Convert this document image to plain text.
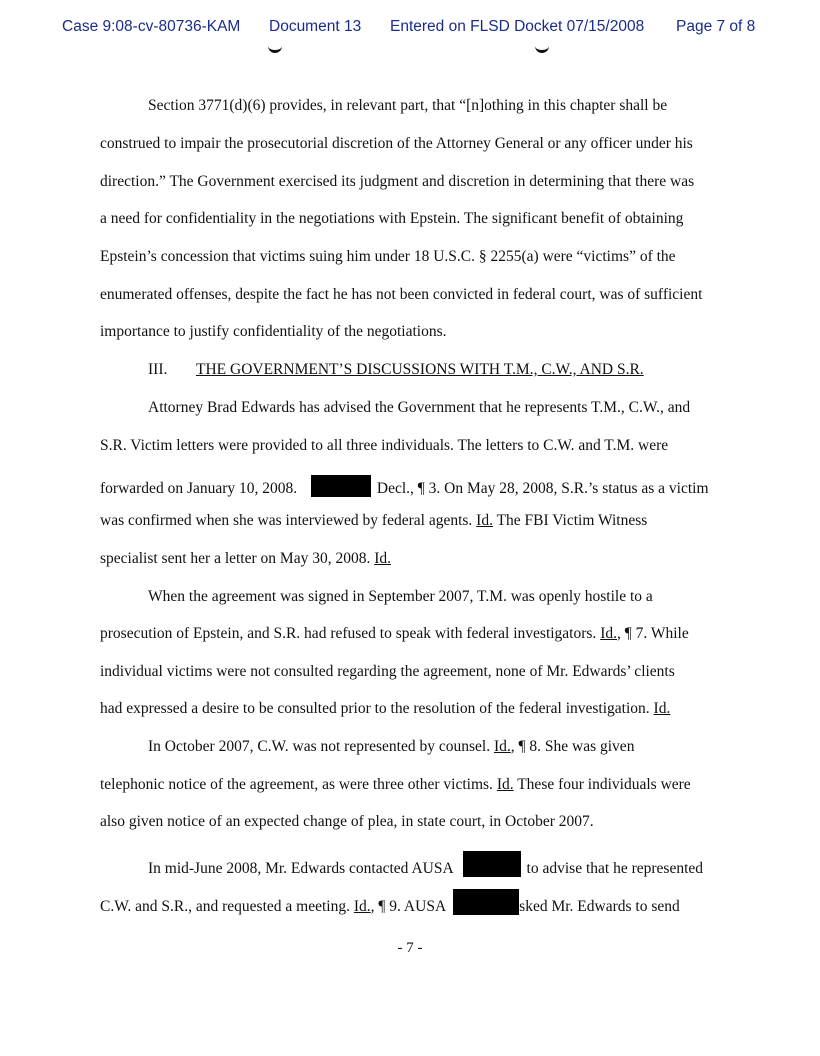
Case 9:08-cv-80736-KAM Document 13 Entered on FLSD Docket 07/15/2008 Page 7 of 8
Section 3771(d)(6) provides, in relevant part, that “[n]othing in this chapter shall be
construed to impair the prosecutorial discretion of the Attorney General or any officer under his
direction.” The Government exercised its judgment and discretion in determining that there was
a need for confidentiality in the negotiations with Epstein. The significant benefit of obtaining
Epstein’s concession that victims suing him under 18 U.S.C. § 2255(a) were “victims” of the
enumerated offenses, despite the fact he has not been convicted in federal court, was of sufficient
importance to justify confidentiality of the negotiations.
III. THE GOVERNMENT’S DISCUSSIONS WITH T.M., C.W., AND S.R.
Attorney Brad Edwards has advised the Government that he represents T.M., C.W., and
S.R. Victim letters were provided to all three individuals. The letters to C.W. and T.M. were
forwarded on January 10, 2008.	Decl., ¶ 3. On May 28, 2008, S.R.’s status as a victim
was confirmed when she was interviewed by federal agents. Id. The FBI Victim Witness
specialist sent her a letter on May 30, 2008. Id.
When the agreement was signed in September 2007, T.M. was openly hostile to a
prosecution of Epstein, and S.R. had refused to speak with federal investigators. Id., ¶ 7. While
individual victims were not consulted regarding the agreement, none of Mr. Edwards’ clients
had expressed a desire to be consulted prior to the resolution of the federal investigation. Id.
In October 2007, C.W. was not represented by counsel. Id., ¶ 8. She was given
telephonic notice of the agreement, as were three other victims. Id. These four individuals were
also given notice of an expected change of plea, in state court, in October 2007.
In mid-June 2008, Mr. Edwards contacted AUSA	to advise that he represented
C.W. and S.R., and requested a meeting. Id., ¶ 9. AUSA	sked Mr. Edwards to send
- 7 -
